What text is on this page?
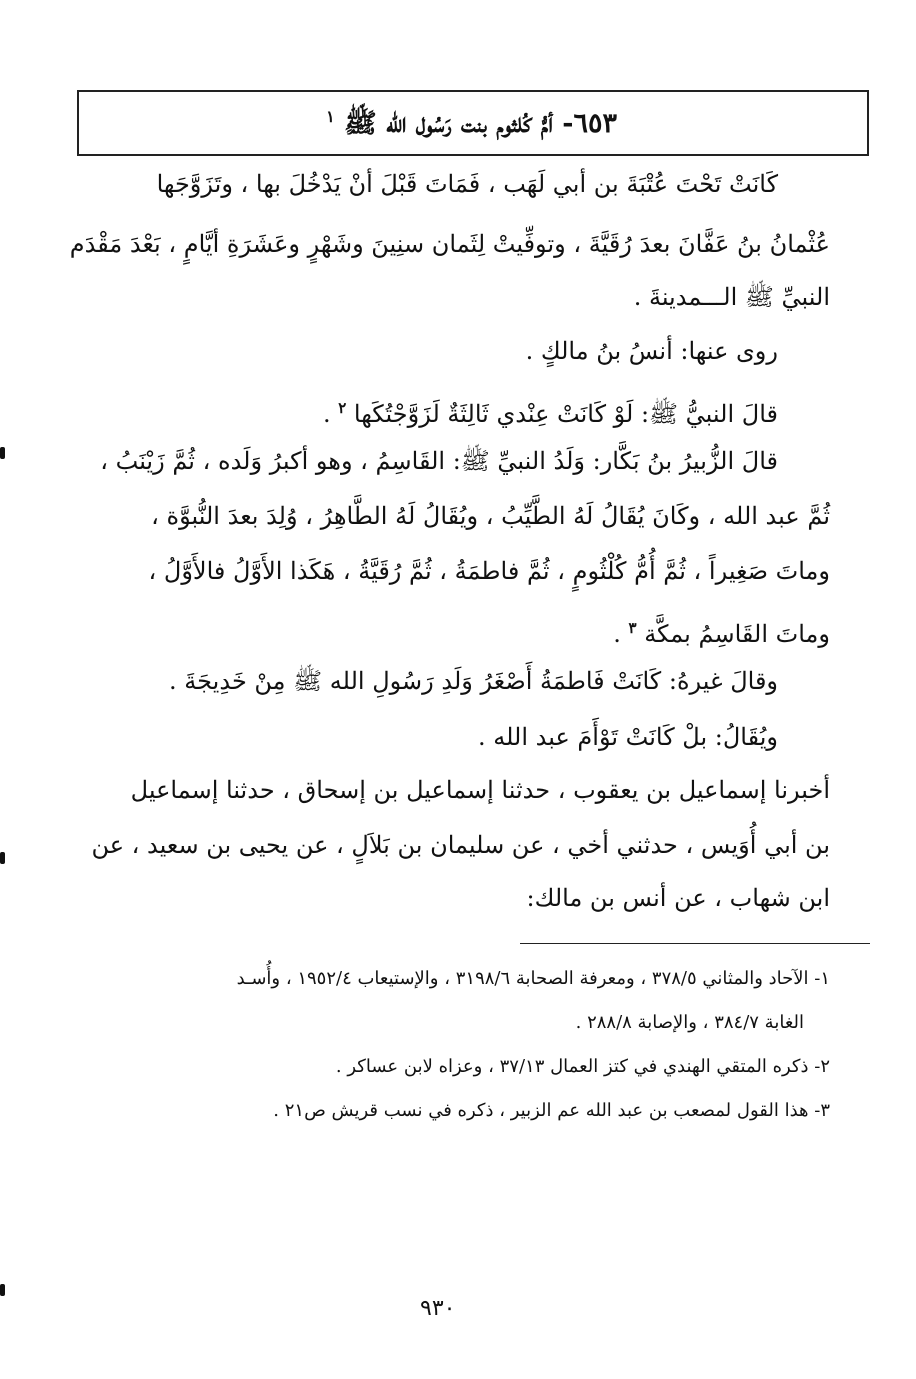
٦٥٣- أمُّ كُلثوم بنت رَسُول الله ﷺ $^١$
كَانَتْ تَحْتَ عُتْبَةَ بن أبي لَهَب ، فَمَاتَ قَبْلَ أنْ يَدْخُلَ بها ، وتَزَوَّجَها
عُثْمانُ بنُ عَفَّانَ بعدَ رُقَيَّةَ ، وتوفِّيتْ لِثَمان سنِينَ وشَهْرٍ وعَشَرَةِ أيَّامٍ ، بَعْدَ مَقْدَم
النبيِّ ﷺ الـــمدينةَ .
روى عنها: أنسُ بنُ مالكٍ .
قالَ النبيُّ ﷺ: لَوْ كَانَتْ عِنْدي ثَالِثَةٌ لَزَوَّجْتُكَها $^٢$ .
قالَ الزُّبيرُ بنُ بَكَّار: وَلَدُ النبيِّ ﷺ: القَاسِمُ ، وهو أكبرُ وَلَده ، ثُمَّ زَيْنَبُ ،
ثُمَّ عبد الله ، وكَانَ يُقَالُ لَهُ الطَّيِّبُ ، ويُقَالُ لَهُ الطَّاهِرُ ، وُلِدَ بعدَ النُّبوَّة ،
وماتَ صَغِيراً ، ثُمَّ أُمُّ كُلْثُومٍ ، ثُمَّ فاطمَةُ ، ثُمَّ رُقَيَّةُ ، هَكَذا الأَوَّلُ فالأَوَّلُ ،
وماتَ القَاسِمُ بمكَّة $^٣$ .
وقالَ غيرهُ: كَانَتْ فَاطمَةُ أَصْغَرُ وَلَدِ رَسُولِ الله ﷺ مِنْ خَدِيجَةَ .
ويُقَالُ: بلْ كَانَتْ تَوْأَمَ عبد الله .
أخبرنا إسماعيل بن يعقوب ، حدثنا إسماعيل بن إسحاق ، حدثنا إسماعيل
بن أبي أُوَيس ، حدثني أخي ، عن سليمان بن بَلاَلٍ ، عن يحيى بن سعيد ، عن
ابن شهاب ، عن أنس بن مالك:
١- الآحاد والمثاني ٣٧٨/٥ ، ومعرفة الصحابة ٣١٩٨/٦ ، والإستيعاب ١٩٥٢/٤ ، وأُسـد
الغابة ٣٨٤/٧ ، والإصابة ٢٨٨/٨ .
٢- ذكره المتقي الهندي في كتز العمال ٣٧/١٣ ، وعزاه لابن عساكر .
٣- هذا القول لمصعب بن عبد الله عم الزبير ، ذكره في نسب قريش ص٢١ .
٩٣٠
